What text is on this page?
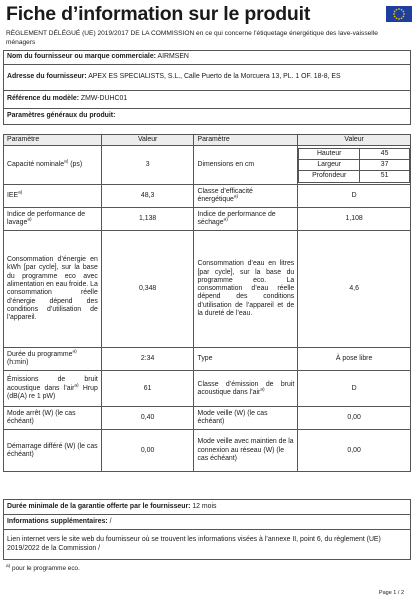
Fiche d’information sur le produit
RÈGLEMENT DÉLÉGUÉ (UE) 2019/2017 DE LA COMMISSION en ce qui concerne l’étiquetage énergétique des lave-vaisselle ménagers
Nom du fournisseur ou marque commerciale: AIRMSEN
Adresse du fournisseur: APEX ES SPECIALISTS, S.L., Calle Puerto de la Morcuera 13, PL. 1 OF. 18-8, ES
Référence du modèle: ZMW-DUHC01
Paramètres généraux du produit:
Paramètre	Valeur	Paramètre	Valeur
Capacité nominale$^{a)}$ (ps)	3	Dimensions en cm	
Hauteur	45
Largeur	37
Profondeur	51

IEE$^{a)}$	48,3	Classe d’efficacité énergétique$^{a)}$	D
Indice de performance de lavage$^{a)}$	1,138	Indice de performance de séchage$^{a)}$	1,108
Consommation d’énergie en kWh [par cycle], sur la base du programme eco avec alimentation en eau froide. La consommation réelle d’énergie dépend des conditions d’utilisation de l’appareil.	0,348	Consommation d’eau en litres [par cycle], sur la base du programme eco. La consommation d’eau réelle dépend des conditions d’utilisation de l’appareil et de la dureté de l’eau.	4,6
Durée du programme$^{a)}$ (h:min)	2:34	Type	À pose libre
Émissions de bruit acoustique dans l’air$^{a)}$ Hrup (dB(A) re 1 pW)	61	Classe d’émission de bruit acoustique dans l’air$^{a)}$	D
Mode arrêt (W) (le cas échéant)	0,40	Mode veille (W) (le cas échéant)	0,00
Démarrage différé (W) (le cas échéant)	0,00	Mode veille avec maintien de la connexion au réseau (W) (le cas échéant)	0,00
Durée minimale de la garantie offerte par le fournisseur: 12 mois
Informations supplémentaires: /
Lien internet vers le site web du fournisseur où se trouvent les informations visées à l’annexe II, point 6, du règlement (UE) 2019/2022 de la Commission /
$^{a)}$ pour le programme eco.
Page 1 / 2
